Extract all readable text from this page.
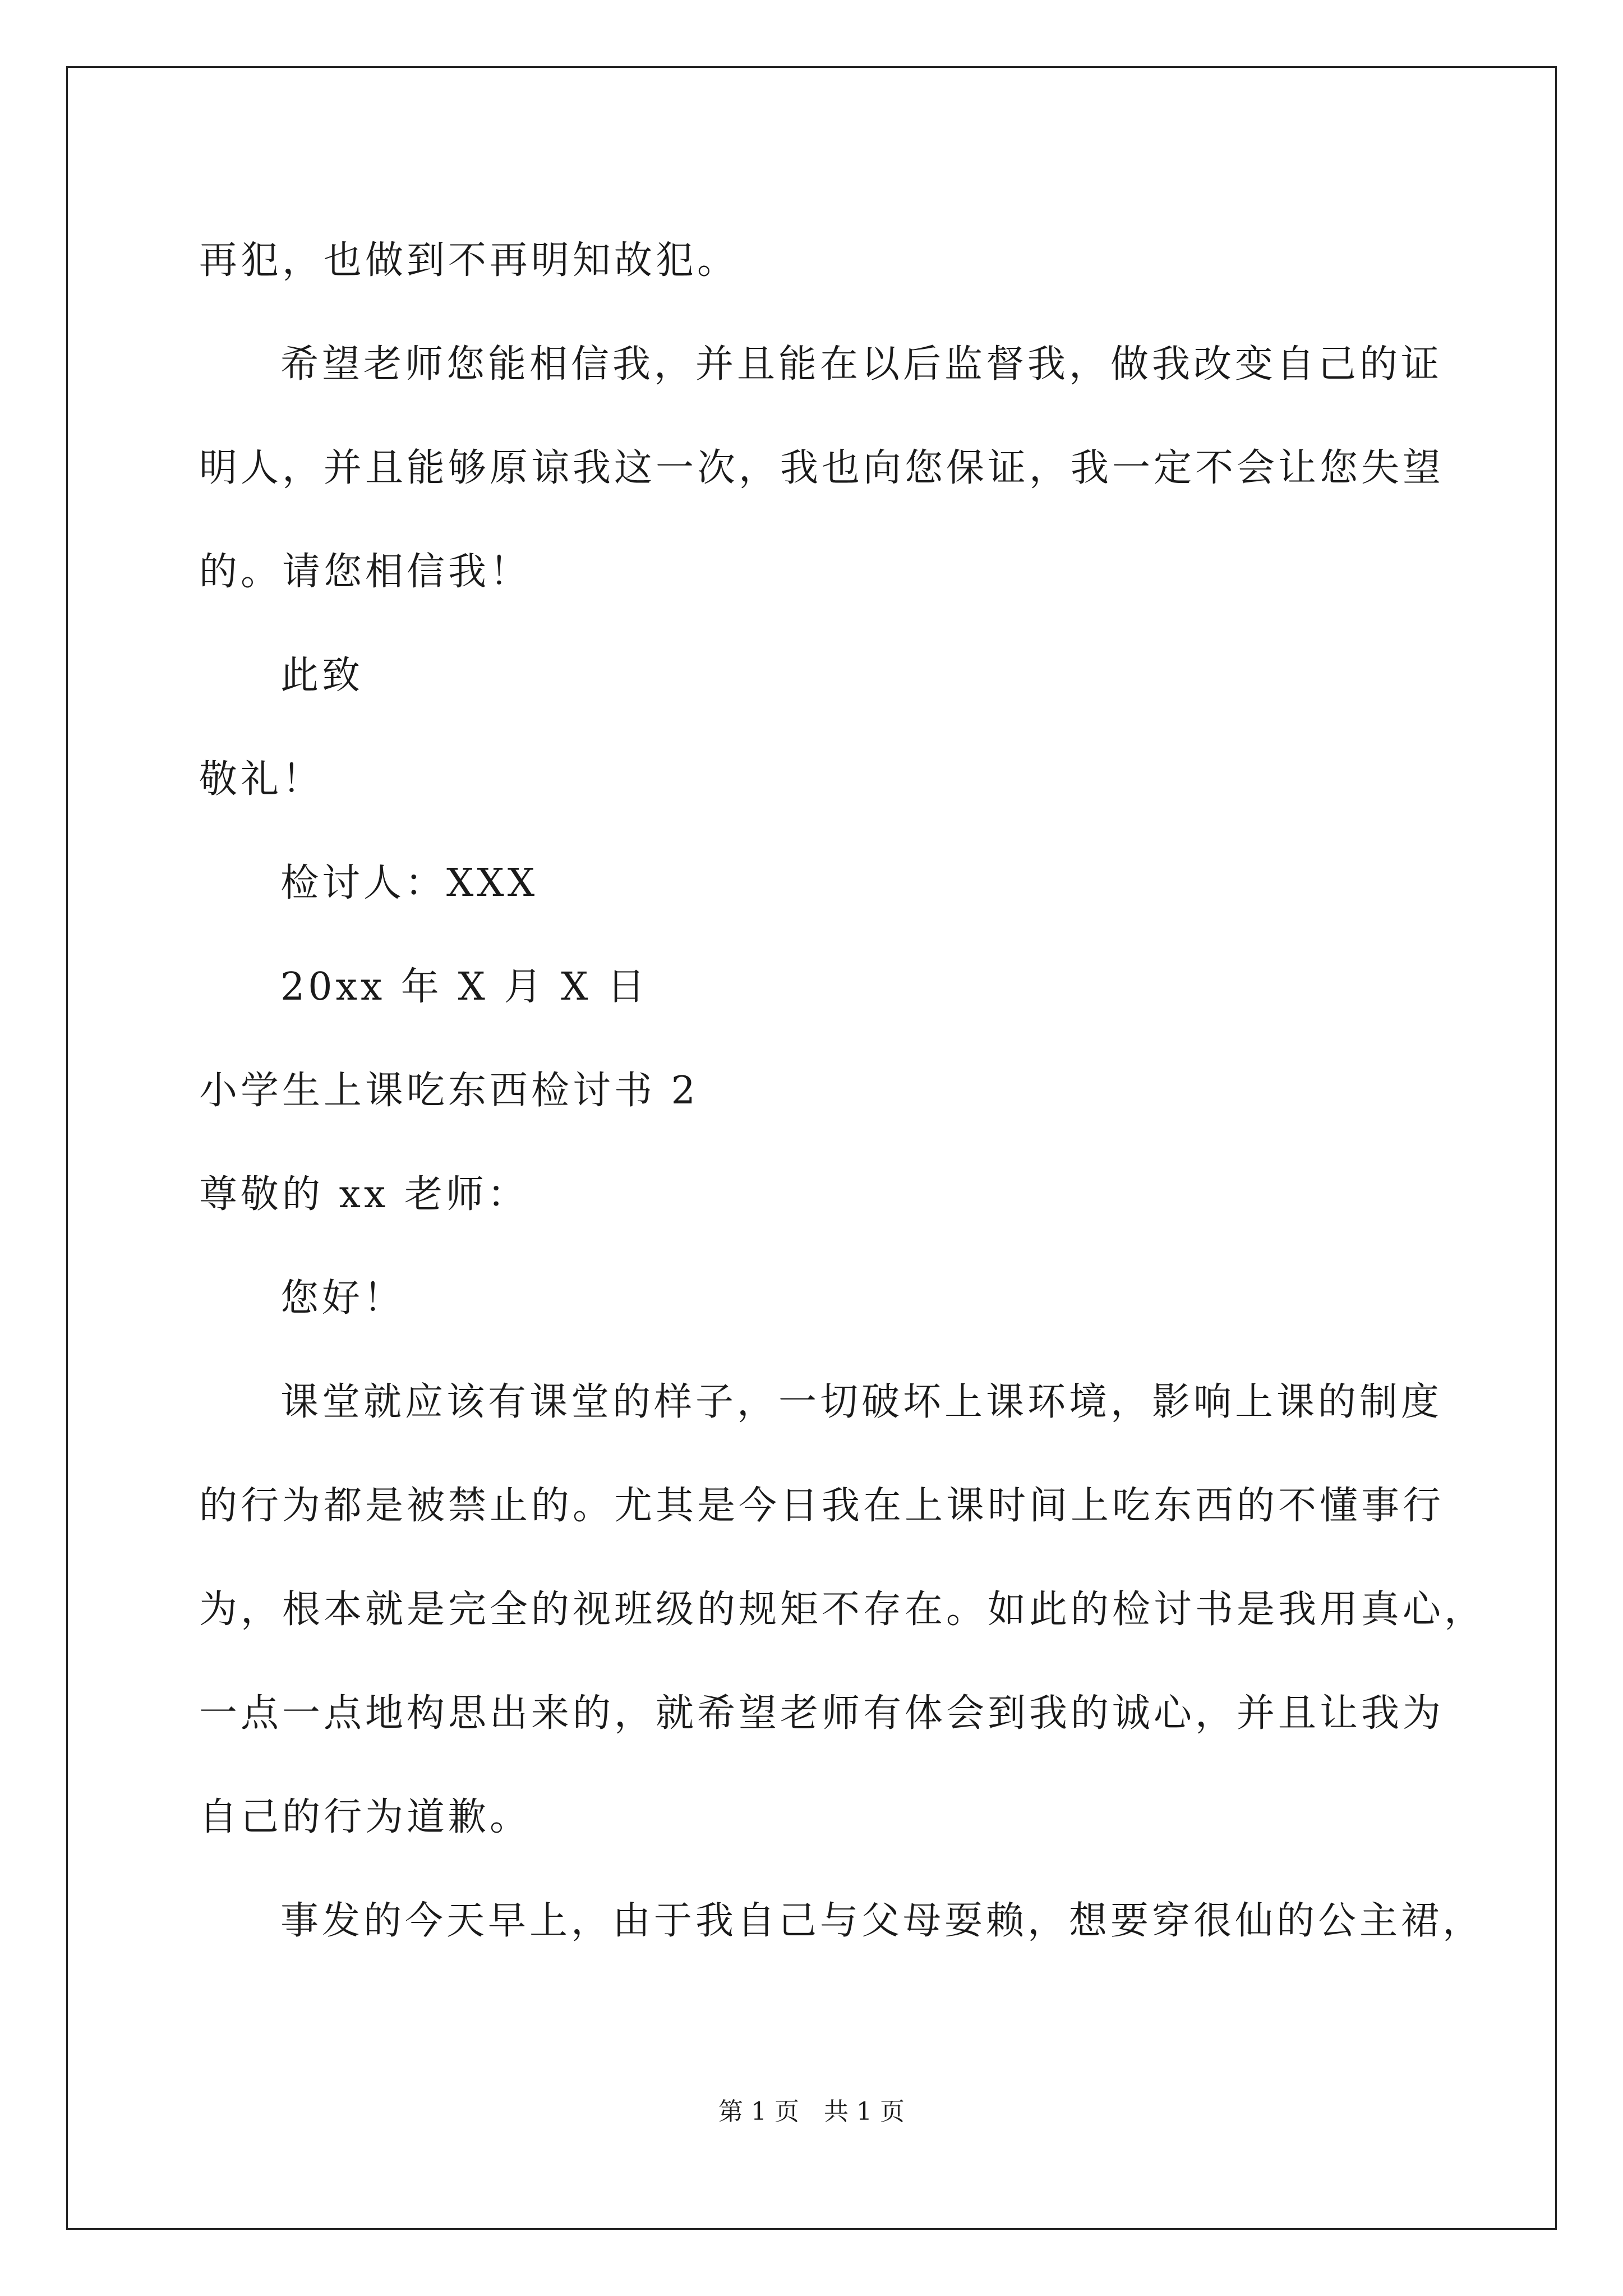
再犯，也做到不再明知故犯。
希望老师您能相信我，并且能在以后监督我，做我改变自己的证
明人，并且能够原谅我这一次，我也向您保证，我一定不会让您失望
的。请您相信我！
此致
敬礼！
检讨人：XXX
20xx 年 X 月 X 日
小学生上课吃东西检讨书 2
尊敬的 xx 老师：
您好！
课堂就应该有课堂的样子，一切破坏上课环境，影响上课的制度
的行为都是被禁止的。尤其是今日我在上课时间上吃东西的不懂事行
为，根本就是完全的视班级的规矩不存在。如此的检讨书是我用真心，
一点一点地构思出来的，就希望老师有体会到我的诚心，并且让我为
自己的行为道歉。
事发的今天早上，由于我自己与父母耍赖，想要穿很仙的公主裙，
第 1 页　共 1 页
